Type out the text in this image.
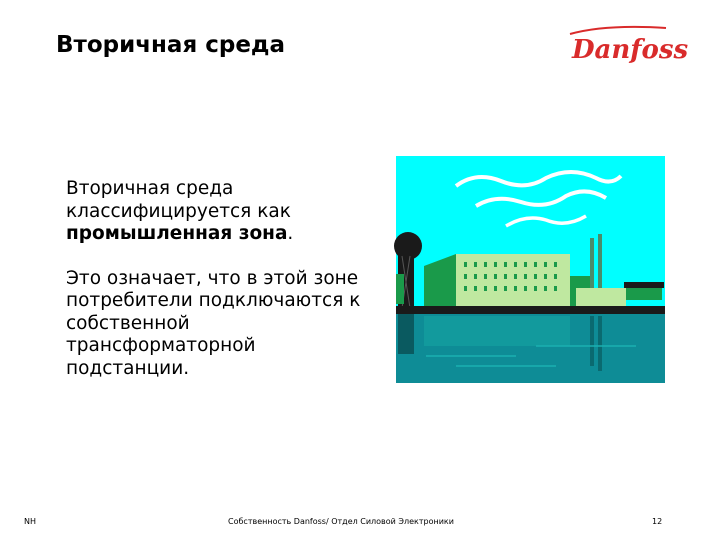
Вторичная среда	Danfoss

Вторичная среда классифицируется как промышленная зона.

Это означает, что в этой зоне потребители подключаются к собственной трансформаторной подстанции.

NH	Собственность Danfoss/ Отдел Силовой Электроники	12
